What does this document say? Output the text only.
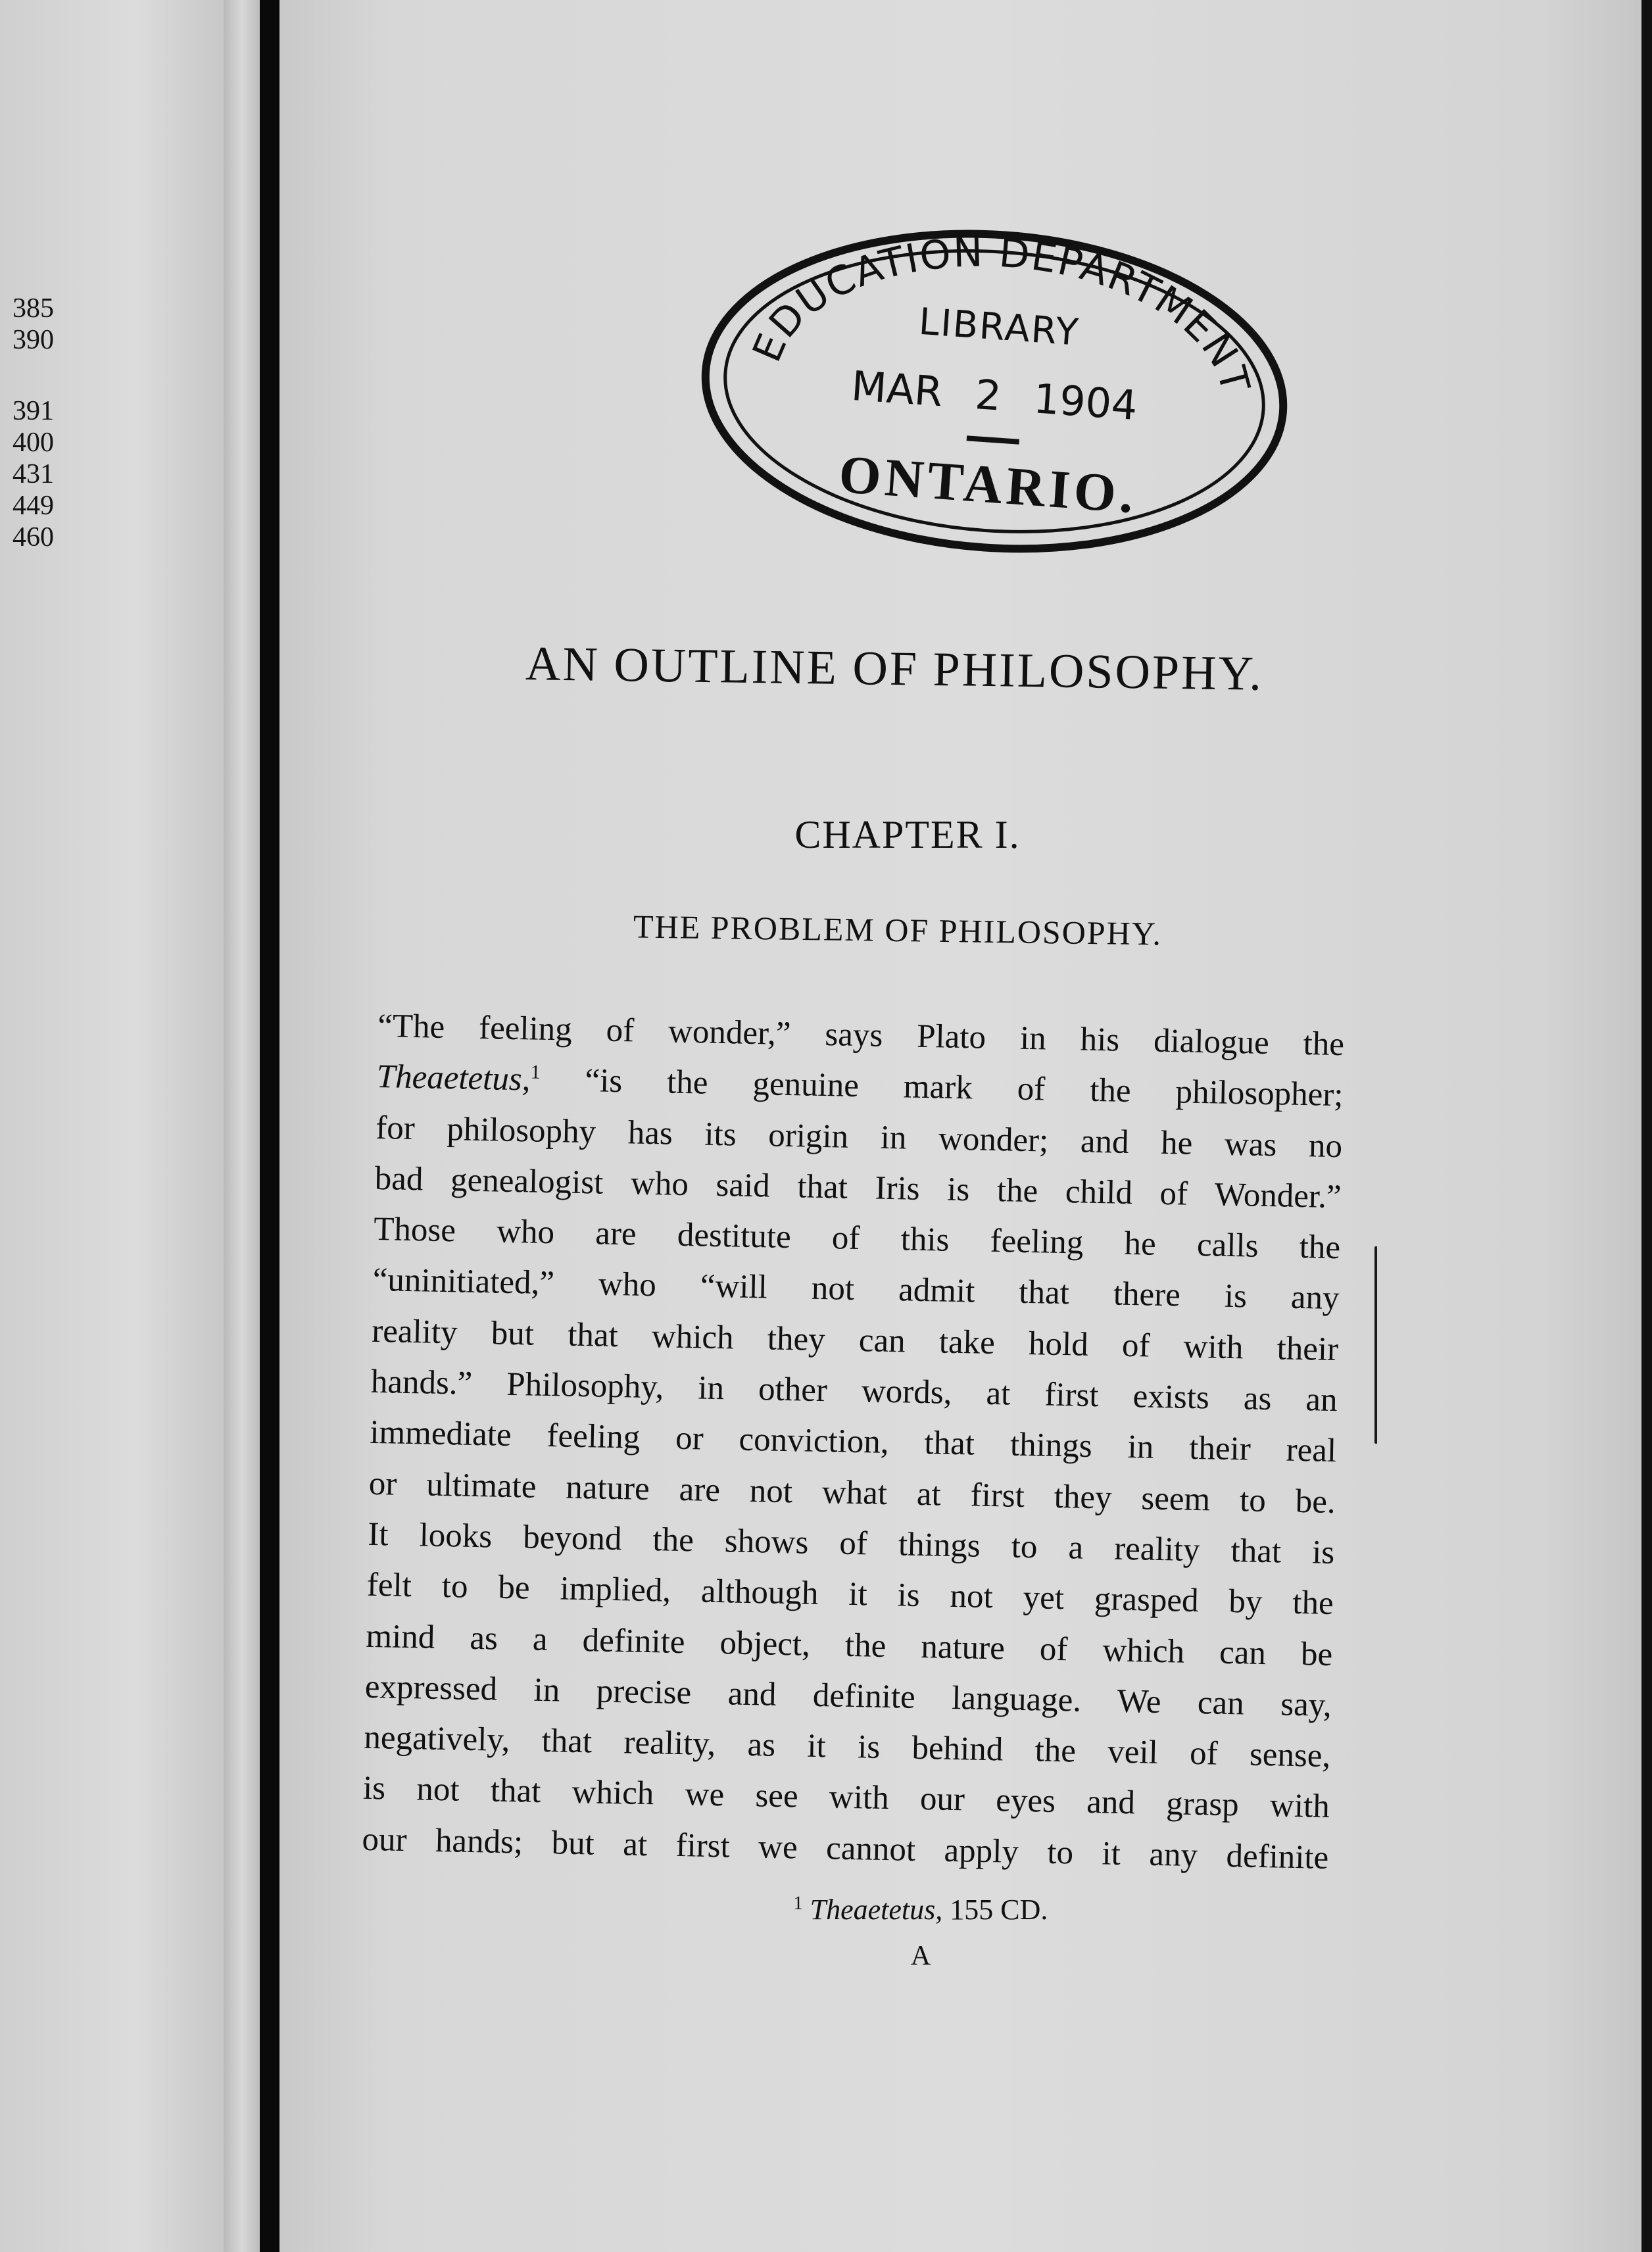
385
390
391
400
431
449
460
EDUCATION DEPARTMENT
LIBRARY
MAR 2 1904
ONTARIO.
AN OUTLINE OF PHILOSOPHY.
CHAPTER I.
THE PROBLEM OF PHILOSOPHY.
“The feeling of wonder,” says Plato in his dialogue the
Theaetetus,$^1$ “is the genuine mark of the philosopher;
for philosophy has its origin in wonder; and he was no
bad genealogist who said that Iris is the child of Wonder.”
Those who are destitute of this feeling he calls the
“uninitiated,” who “will not admit that there is any
reality but that which they can take hold of with their
hands.” Philosophy, in other words, at first exists as an
immediate feeling or conviction, that things in their real
or ultimate nature are not what at first they seem to be.
It looks beyond the shows of things to a reality that is
felt to be implied, although it is not yet grasped by the
mind as a definite object, the nature of which can be
expressed in precise and definite language. We can say,
negatively, that reality, as it is behind the veil of sense,
is not that which we see with our eyes and grasp with
our hands; but at first we cannot apply to it any definite
$^1$ Theaetetus, 155 CD.
A
